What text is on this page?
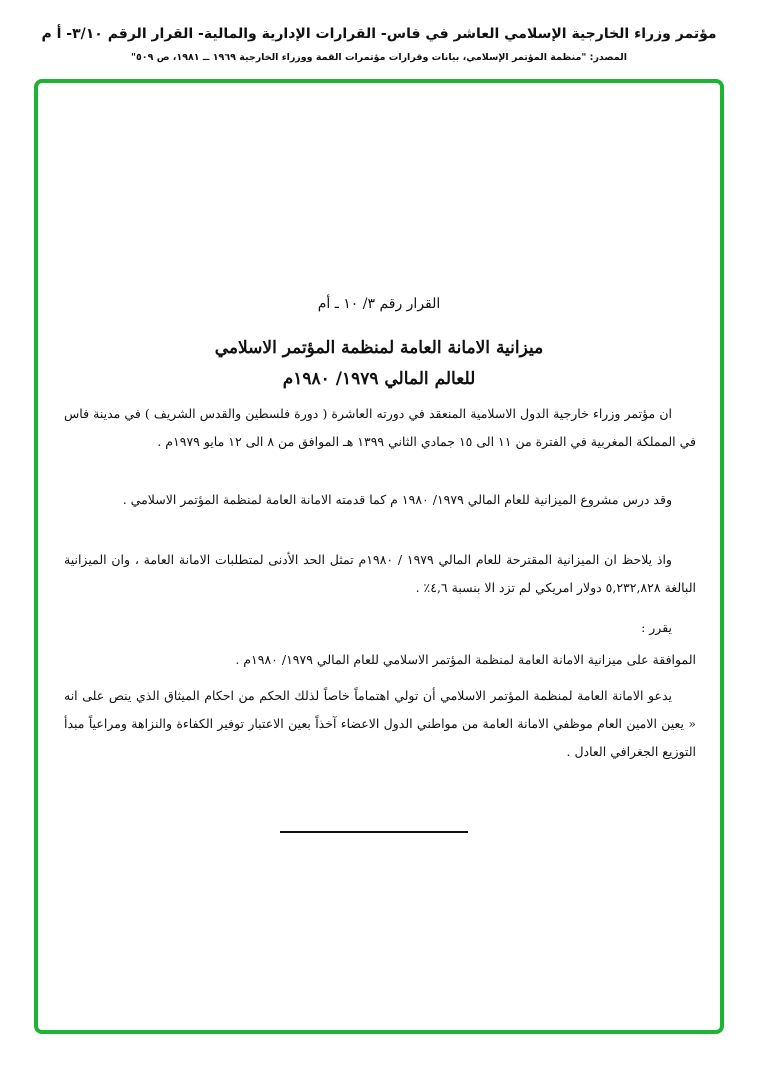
مؤتمر وزراء الخارجية الإسلامي العاشر في فاس- القرارات الإدارية والمالية- القرار الرقم ٣/١٠- أ م
المصدر: "منظمة المؤتمر الإسلامي، بيانات وقرارات مؤتمرات القمة ووزراء الخارجية ١٩٦٩ ــ ١٩٨١، ص ٥٠٩"
القرار رقم ٣/ ١٠ ـ أم
ميزانية الامانة العامة لمنظمة المؤتمر الاسلامي
للعالم المالي ١٩٧٩/ ١٩٨٠م

ان مؤتمر وزراء خارجية الدول الاسلامية المنعقد في دورته العاشرة ( دورة فلسطين والقدس الشريف ) في مدينة فاس في المملكة المغربية في الفترة من ١١ الى ١٥ جمادي الثاني ١٣٩٩ هـ الموافق من ٨ الى ١٢ مايو ١٩٧٩م .

وقد درس مشروع الميزانية للعام المالي ١٩٧٩/ ١٩٨٠ م كما قدمته الامانة العامة لمنظمة المؤتمر الاسلامي .

واذ يلاحظ ان الميزانية المقترحة للعام المالي ١٩٧٩ / ١٩٨٠م تمثل الحد الأدنى لمتطلبات الامانة العامة ، وان الميزانية البالغة ٥,٢٣٢,٨٢٨ دولار امريكي لم تزد الا بنسبة ٤,٦٪ .

يقرر :

الموافقة على ميزانية الامانة العامة لمنظمة المؤتمر الاسلامي للعام المالي ١٩٧٩/ ١٩٨٠م .

يدعو الامانة العامة لمنظمة المؤتمر الاسلامي أن تولي اهتماماً خاصاً لذلك الحكم من احكام الميثاق الذي ينص على انه « يعين الامين العام موظفي الامانة العامة من مواطني الدول الاعضاء آخذاً بعين الاعتبار توفير الكفاءة والنزاهة ومراعياً مبدأ التوزيع الجغرافي العادل .
